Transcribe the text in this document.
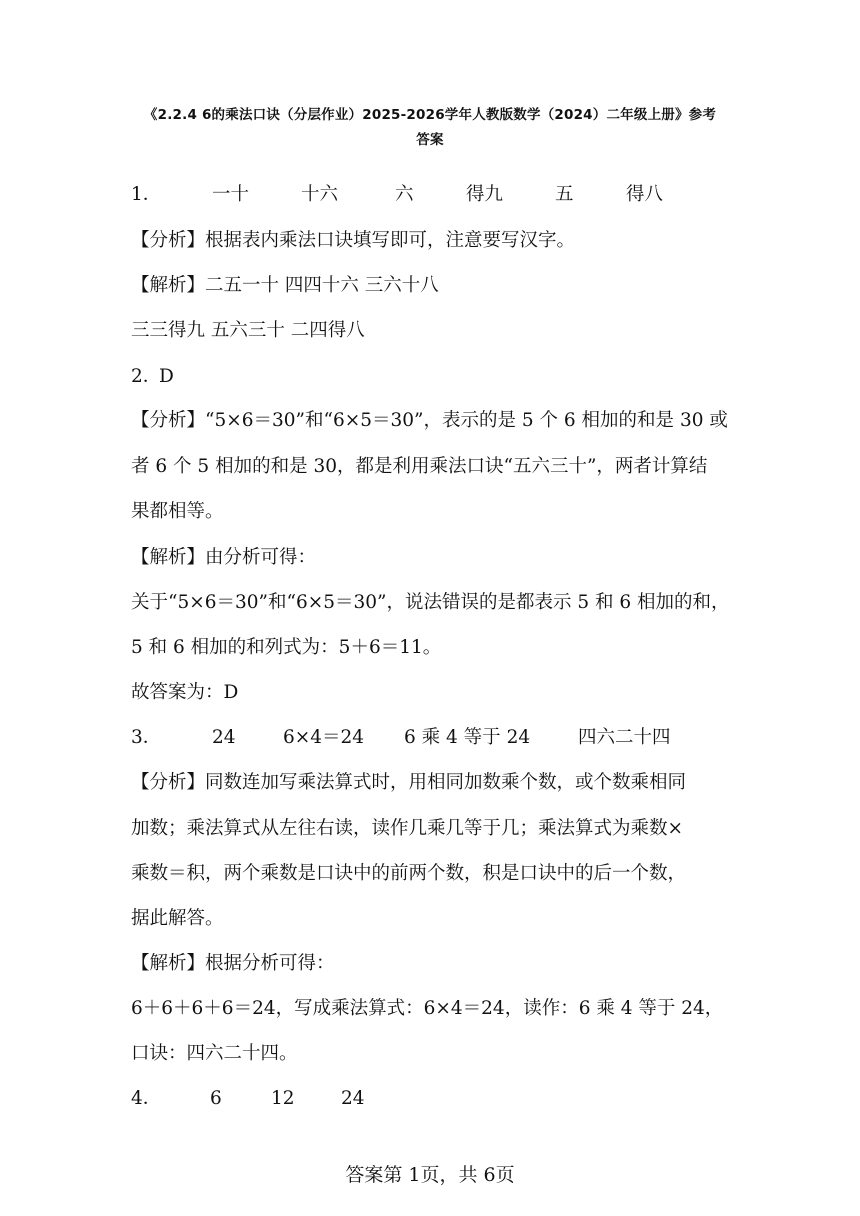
《2.2.4 6的乘法口诀（分层作业）2025-2026学年人教版数学（2024）二年级上册》参考
答案
1．	一十	十六	六	得九	五	得八
【分析】根据表内乘法口诀填写即可，注意要写汉字。
【解析】二五一十 四四十六 三六十八
三三得九 五六三十 二四得八
2．
D
【分析】“5×6＝30”和“6×5＝30”，表示的是 5 个 6 相加的和是 30 或
者 6 个 5 相加的和是 30，都是利用乘法口诀“五六三十”，两者计算结
果都相等。
【解析】由分析可得：
关于“5×6＝30”和“6×5＝30”，说法错误的是都表示 5 和 6 相加的和，
5 和 6 相加的和列式为：5＋6＝11。
故答案为：D
3．	24	6×4＝24 6 乘 4 等于 24	四六二十四
【分析】同数连加写乘法算式时，用相同加数乘个数，或个数乘相同
加数；乘法算式从左往右读，读作几乘几等于几；乘法算式为乘数×
乘数＝积，两个乘数是口诀中的前两个数，积是口诀中的后一个数，
据此解答。
【解析】根据分析可得：
6＋6＋6＋6＝24，写成乘法算式：6×4＝24，读作：6 乘 4 等于 24，
口诀：四六二十四。
4．	6	12	24
答案第 1页，共 6页
